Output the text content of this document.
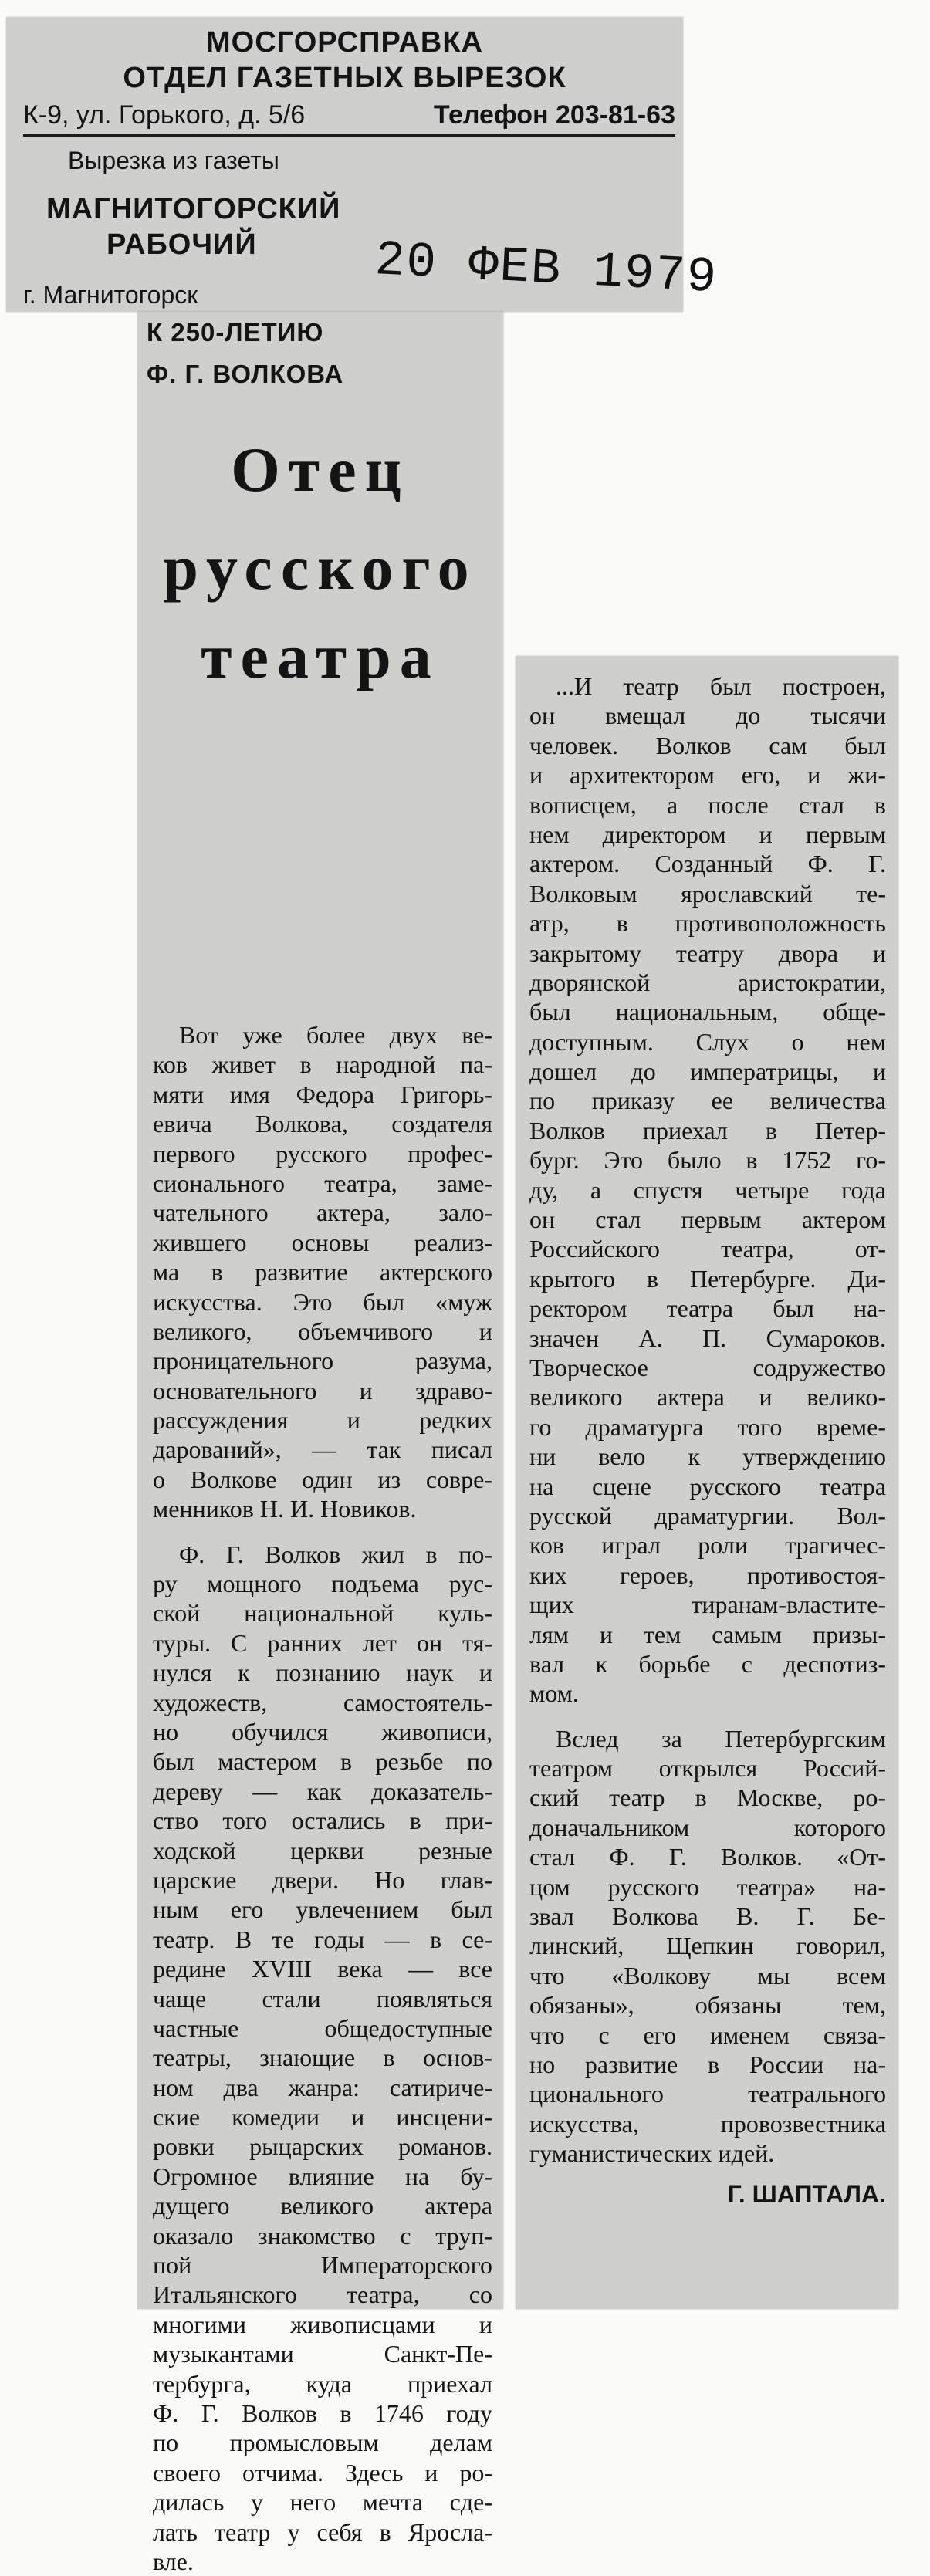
МОСГОРСПРАВКА
ОТДЕЛ ГАЗЕТНЫХ ВЫРЕЗОК
К-9, ул. Горького, д. 5/6	Телефон 203-81-63
Вырезка из газеты
МАГНИТОГОРСКИЙ
РАБОЧИЙ
г. Магнитогорск	20 ФЕВ 1979
К 250-ЛЕТИЮ
Ф. Г. ВОЛКОВА
Отец
русского
театра
Вот уже более двух ве-
ков живет в народной па-
мяти имя Федора Григорь-
евича Волкова, создателя
первого русского профес-
сионального театра, заме-
чательного актера, зало-
жившего основы реализ-
ма в развитие актерского
искусства. Это был «муж
великого, объемчивого и
проницательного разума,
основательного и здраво-
рассуждения и редких
дарований», — так писал
о Волкове один из совре-
менников Н. И. Новиков.
Ф. Г. Волков жил в по-
ру мощного подъема рус-
ской национальной куль-
туры. С ранних лет он тя-
нулся к познанию наук и
художеств, самостоятель-
но обучился живописи,
был мастером в резьбе по
дереву — как доказатель-
ство того остались в при-
ходской церкви резные
царские двери. Но глав-
ным его увлечением был
театр. В те годы — в се-
редине XVIII века — все
чаще стали появляться
частные общедоступные
театры, знающие в основ-
ном два жанра: сатириче-
ские комедии и инсцени-
ровки рыцарских романов.
Огромное влияние на бу-
дущего великого актера
оказало знакомство с труп-
пой Императорского
Итальянского театра, со
многими живописцами и
музыкантами Санкт-Пе-
тербурга, куда приехал
Ф. Г. Волков в 1746 году
по промысловым делам
своего отчима. Здесь и ро-
дилась у него мечта сде-
лать театр у себя в Яросла-
вле.
...И театр был построен,
он вмещал до тысячи
человек. Волков сам был
и архитектором его, и жи-
вописцем, а после стал в
нем директором и первым
актером. Созданный Ф. Г.
Волковым ярославский те-
атр, в противоположность
закрытому театру двора и
дворянской аристократии,
был национальным, обще-
доступным. Слух о нем
дошел до императрицы, и
по приказу ее величества
Волков приехал в Петер-
бург. Это было в 1752 го-
ду, а спустя четыре года
он стал первым актером
Российского театра, от-
крытого в Петербурге. Ди-
ректором театра был на-
значен А. П. Сумароков.
Творческое содружество
великого актера и велико-
го драматурга того време-
ни вело к утверждению
на сцене русского театра
русской драматургии. Вол-
ков играл роли трагичес-
ких героев, противостоя-
щих тиранам-властите-
лям и тем самым призы-
вал к борьбе с деспотиз-
мом.
Вслед за Петербургским
театром открылся Россий-
ский театр в Москве, ро-
доначальником которого
стал Ф. Г. Волков. «От-
цом русского театра» на-
звал Волкова В. Г. Бе-
линский, Щепкин говорил,
что «Волкову мы всем
обязаны», обязаны тем,
что с его именем связа-
но развитие в России на-
ционального театрального
искусства, провозвестника
гуманистических идей.
Г. ШАПТАЛА.
